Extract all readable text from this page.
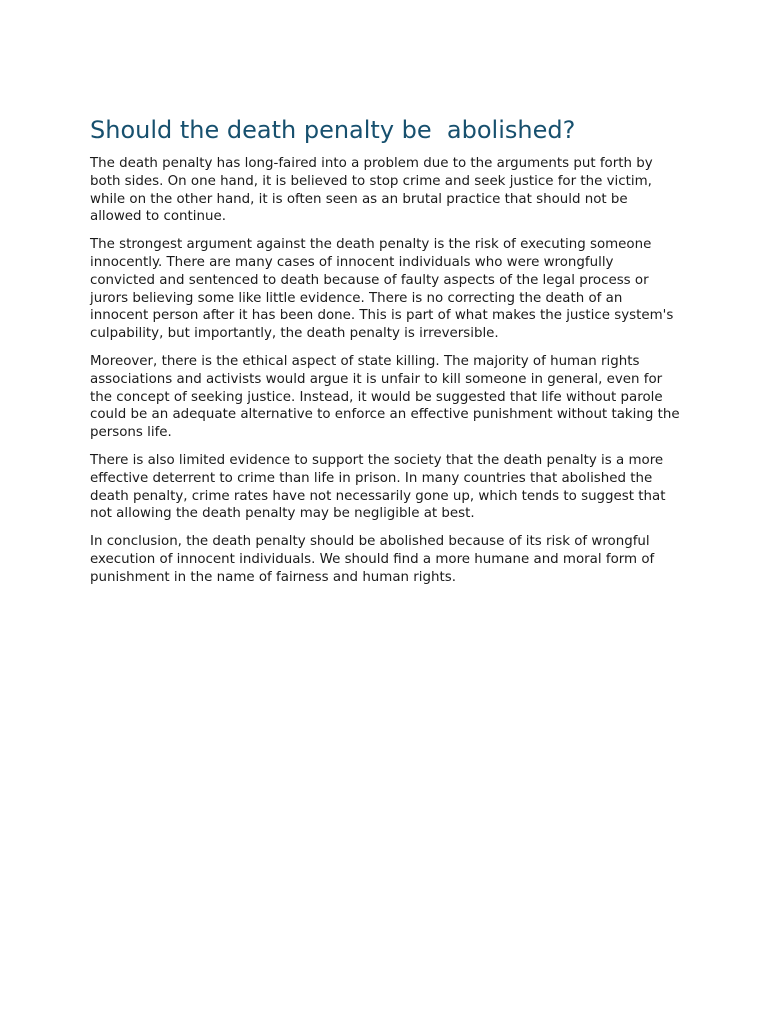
Should the death penalty be  abolished?

The death penalty has long-faired into a problem due to the arguments put forth by both sides. On one hand, it is believed to stop crime and seek justice for the victim, while on the other hand, it is often seen as an brutal practice that should not be allowed to continue.

The strongest argument against the death penalty is the risk of executing someone innocently. There are many cases of innocent individuals who were wrongfully convicted and sentenced to death because of faulty aspects of the legal process or jurors believing some like little evidence. There is no correcting the death of an innocent person after it has been done. This is part of what makes the justice system's culpability, but importantly, the death penalty is irreversible.

Moreover, there is the ethical aspect of state killing. The majority of human rights associations and activists would argue it is unfair to kill someone in general, even for the concept of seeking justice. Instead, it would be suggested that life without parole could be an adequate alternative to enforce an effective punishment without taking the persons life.

There is also limited evidence to support the society that the death penalty is a more effective deterrent to crime than life in prison. In many countries that abolished the death penalty, crime rates have not necessarily gone up, which tends to suggest that not allowing the death penalty may be negligible at best.

In conclusion, the death penalty should be abolished because of its risk of wrongful execution of innocent individuals. We should find a more humane and moral form of punishment in the name of fairness and human rights.
